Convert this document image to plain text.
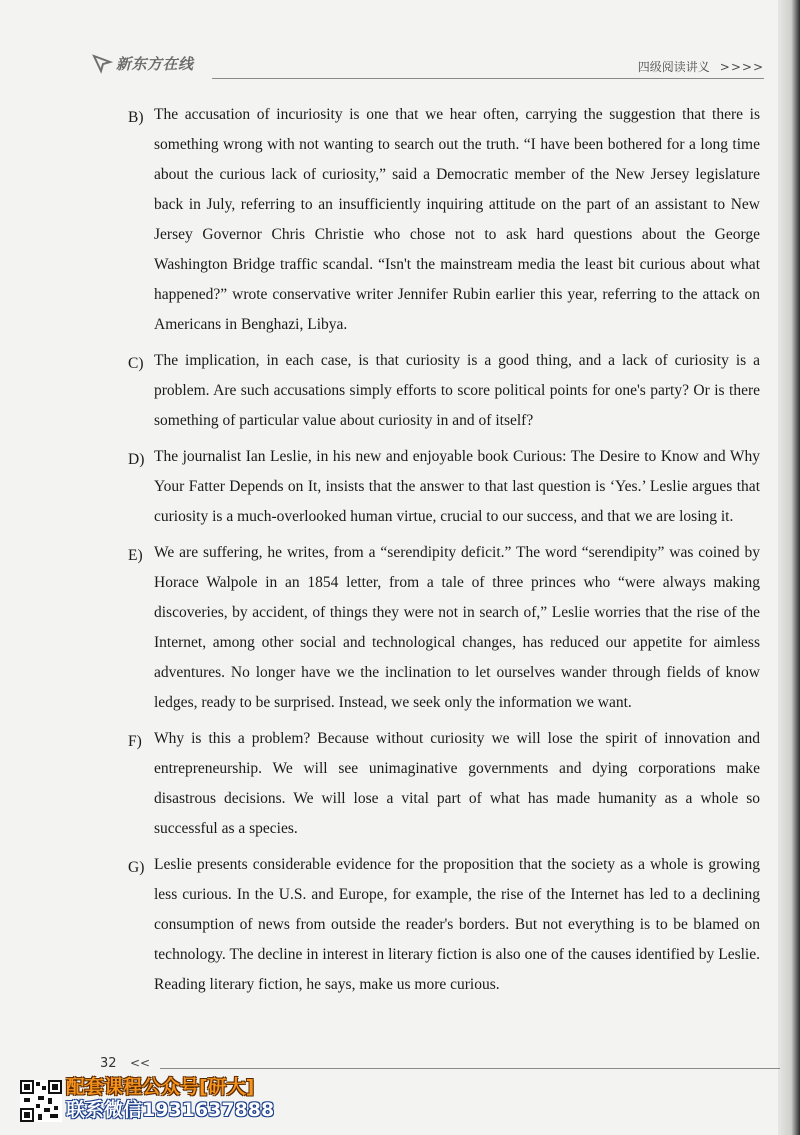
新东方在线	四级阅读讲义 >>>>
B) The accusation of incuriosity is one that we hear often, carrying the suggestion that there is something wrong with not wanting to search out the truth. “I have been bothered for a long time about the curious lack of curiosity,” said a Democratic member of the New Jersey legislature back in July, referring to an insufficiently inquiring attitude on the part of an assistant to New Jersey Governor Chris Christie who chose not to ask hard questions about the George Washington Bridge traffic scandal. “Isn't the mainstream media the least bit curious about what happened?” wrote conservative writer Jennifer Rubin earlier this year, referring to the attack on Americans in Benghazi, Libya.
C) The implication, in each case, is that curiosity is a good thing, and a lack of curiosity is a problem. Are such accusations simply efforts to score political points for one's party? Or is there something of particular value about curiosity in and of itself?
D) The journalist Ian Leslie, in his new and enjoyable book Curious: The Desire to Know and Why Your Fatter Depends on It, insists that the answer to that last question is ‘Yes.’ Leslie argues that curiosity is a much-overlooked human virtue, crucial to our success, and that we are losing it.
E) We are suffering, he writes, from a “serendipity deficit.” The word “serendipity” was coined by Horace Walpole in an 1854 letter, from a tale of three princes who “were always making discoveries, by accident, of things they were not in search of,” Leslie worries that the rise of the Internet, among other social and technological changes, has reduced our appetite for aimless adventures. No longer have we the inclination to let ourselves wander through fields of know ledges, ready to be surprised. Instead, we seek only the information we want.
F) Why is this a problem? Because without curiosity we will lose the spirit of innovation and entrepreneurship. We will see unimaginative governments and dying corporations make disastrous decisions. We will lose a vital part of what has made humanity as a whole so successful as a species.
G) Leslie presents considerable evidence for the proposition that the society as a whole is growing less curious. In the U.S. and Europe, for example, the rise of the Internet has led to a declining consumption of news from outside the reader's borders. But not everything is to be blamed on technology. The decline in interest in literary fiction is also one of the causes identified by Leslie. Reading literary fiction, he says, make us more curious.
32 <<
配套课程公众号[研大]
联系微信1931637888
